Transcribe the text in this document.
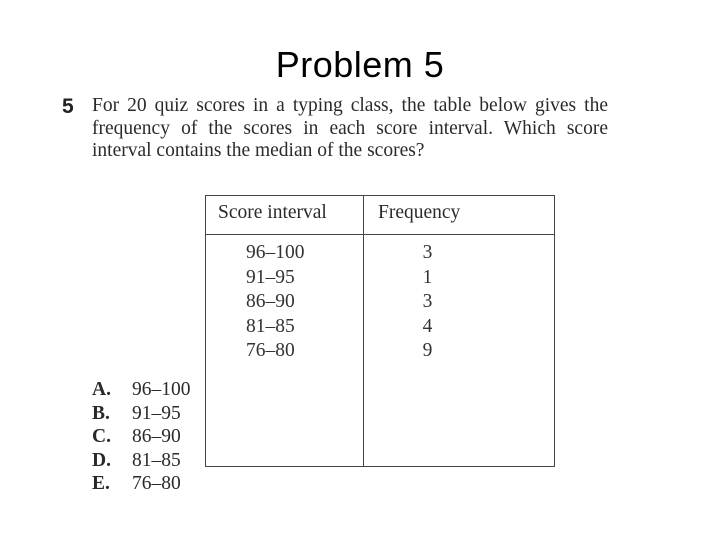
Problem 5
5 For 20 quiz scores in a typing class, the table below gives the frequency of the scores in each score interval. Which score interval contains the median of the scores?
Score interval	Frequency
96–100
91–95
86–90
81–85
76–80
3
1
3
4
9
A. 96–100
B. 91–95
C. 86–90
D. 81–85
E. 76–80
